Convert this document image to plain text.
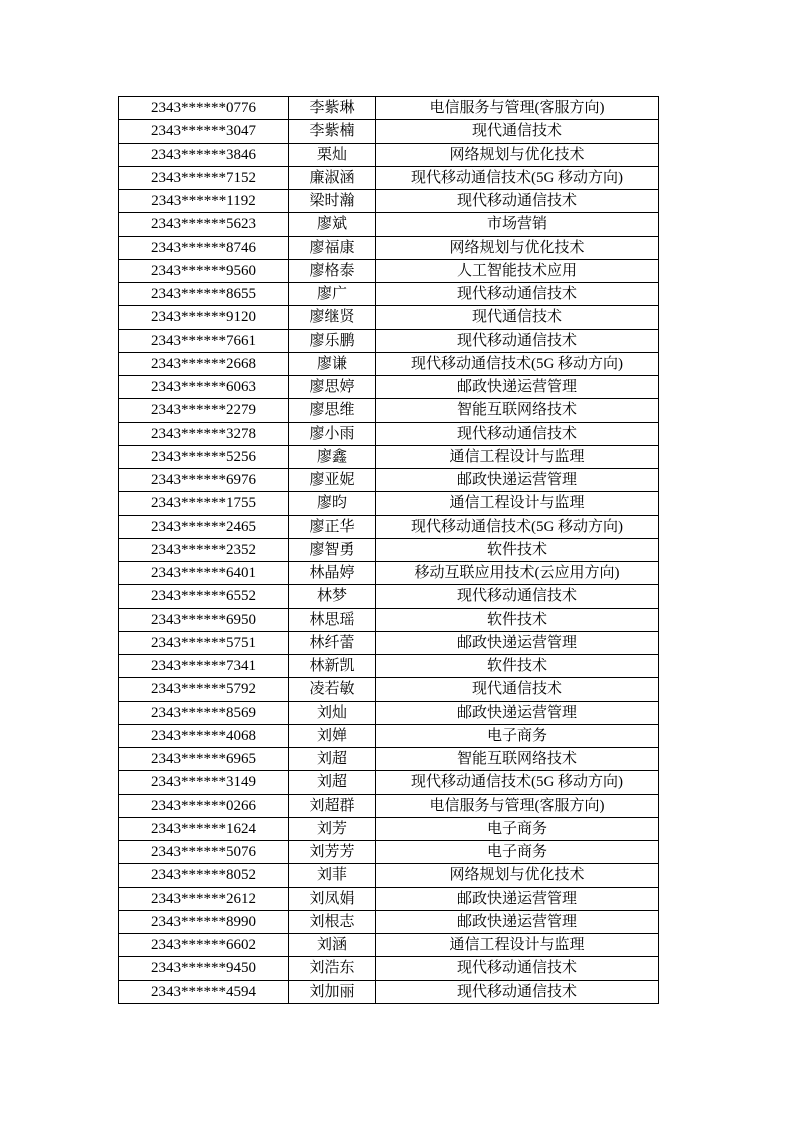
2343******0776	李紫琳	电信服务与管理(客服方向)
2343******3047	李紫楠	现代通信技术
2343******3846	栗灿	网络规划与优化技术
2343******7152	廉淑涵	现代移动通信技术(5G 移动方向)
2343******1192	梁时瀚	现代移动通信技术
2343******5623	廖斌	市场营销
2343******8746	廖福康	网络规划与优化技术
2343******9560	廖格泰	人工智能技术应用
2343******8655	廖广	现代移动通信技术
2343******9120	廖继贤	现代通信技术
2343******7661	廖乐鹏	现代移动通信技术
2343******2668	廖谦	现代移动通信技术(5G 移动方向)
2343******6063	廖思婷	邮政快递运营管理
2343******2279	廖思维	智能互联网络技术
2343******3278	廖小雨	现代移动通信技术
2343******5256	廖鑫	通信工程设计与监理
2343******6976	廖亚妮	邮政快递运营管理
2343******1755	廖昀	通信工程设计与监理
2343******2465	廖正华	现代移动通信技术(5G 移动方向)
2343******2352	廖智勇	软件技术
2343******6401	林晶婷	移动互联应用技术(云应用方向)
2343******6552	林梦	现代移动通信技术
2343******6950	林思瑶	软件技术
2343******5751	林纤蕾	邮政快递运营管理
2343******7341	林新凯	软件技术
2343******5792	凌若敏	现代通信技术
2343******8569	刘灿	邮政快递运营管理
2343******4068	刘婵	电子商务
2343******6965	刘超	智能互联网络技术
2343******3149	刘超	现代移动通信技术(5G 移动方向)
2343******0266	刘超群	电信服务与管理(客服方向)
2343******1624	刘芳	电子商务
2343******5076	刘芳芳	电子商务
2343******8052	刘菲	网络规划与优化技术
2343******2612	刘凤娟	邮政快递运营管理
2343******8990	刘根志	邮政快递运营管理
2343******6602	刘涵	通信工程设计与监理
2343******9450	刘浩东	现代移动通信技术
2343******4594	刘加丽	现代移动通信技术
